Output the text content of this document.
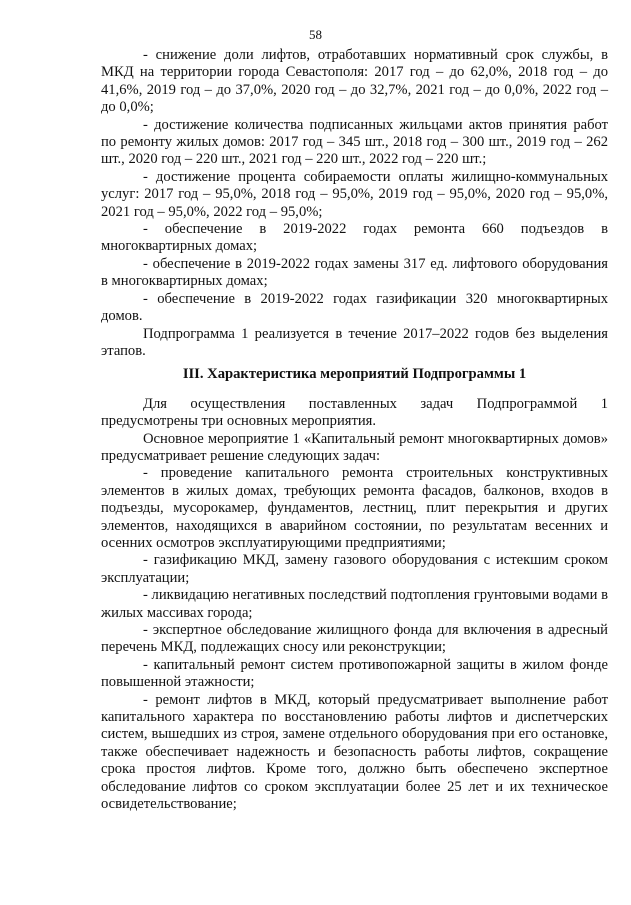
58

- снижение доли лифтов, отработавших нормативный срок службы, в МКД на территории города Севастополя: 2017 год – до 62,0%, 2018 год – до 41,6%, 2019 год – до 37,0%, 2020 год – до 32,7%, 2021 год – до 0,0%, 2022 год – до 0,0%;

- достижение количества подписанных жильцами актов принятия работ по ремонту жилых домов: 2017 год – 345 шт., 2018 год – 300 шт., 2019 год – 262 шт., 2020 год – 220 шт., 2021 год – 220 шт., 2022 год – 220 шт.;

- достижение процента собираемости оплаты жилищно-коммунальных услуг: 2017 год – 95,0%, 2018 год – 95,0%, 2019 год – 95,0%, 2020 год – 95,0%, 2021 год – 95,0%, 2022 год – 95,0%;

- обеспечение в 2019-2022 годах ремонта 660 подъездов в многоквартирных домах;

- обеспечение в 2019-2022 годах замены 317 ед. лифтового оборудования в многоквартирных домах;

- обеспечение в 2019-2022 годах газификации 320 многоквартирных домов.

Подпрограмма 1 реализуется в течение 2017–2022 годов без выделения этапов.

III. Характеристика мероприятий Подпрограммы 1

Для осуществления поставленных задач Подпрограммой 1 предусмотрены три основных мероприятия.

Основное мероприятие 1 «Капитальный ремонт многоквартирных домов» предусматривает решение следующих задач:

- проведение капитального ремонта строительных конструктивных элементов в жилых домах, требующих ремонта фасадов, балконов, входов в подъезды, мусорокамер, фундаментов, лестниц, плит перекрытия и других элементов, находящихся в аварийном состоянии, по результатам весенних и осенних осмотров эксплуатирующими предприятиями;

- газификацию МКД, замену газового оборудования с истекшим сроком эксплуатации;

- ликвидацию негативных последствий подтопления грунтовыми водами в жилых массивах города;

- экспертное обследование жилищного фонда для включения в адресный перечень МКД, подлежащих сносу или реконструкции;

- капитальный ремонт систем противопожарной защиты в жилом фонде повышенной этажности;

- ремонт лифтов в МКД, который предусматривает выполнение работ капитального характера по восстановлению работы лифтов и диспетчерских систем, вышедших из строя, замене отдельного оборудования при его остановке, также обеспечивает надежность и безопасность работы лифтов, сокращение срока простоя лифтов. Кроме того, должно быть обеспечено экспертное обследование лифтов со сроком эксплуатации более 25 лет и их техническое освидетельствование;
